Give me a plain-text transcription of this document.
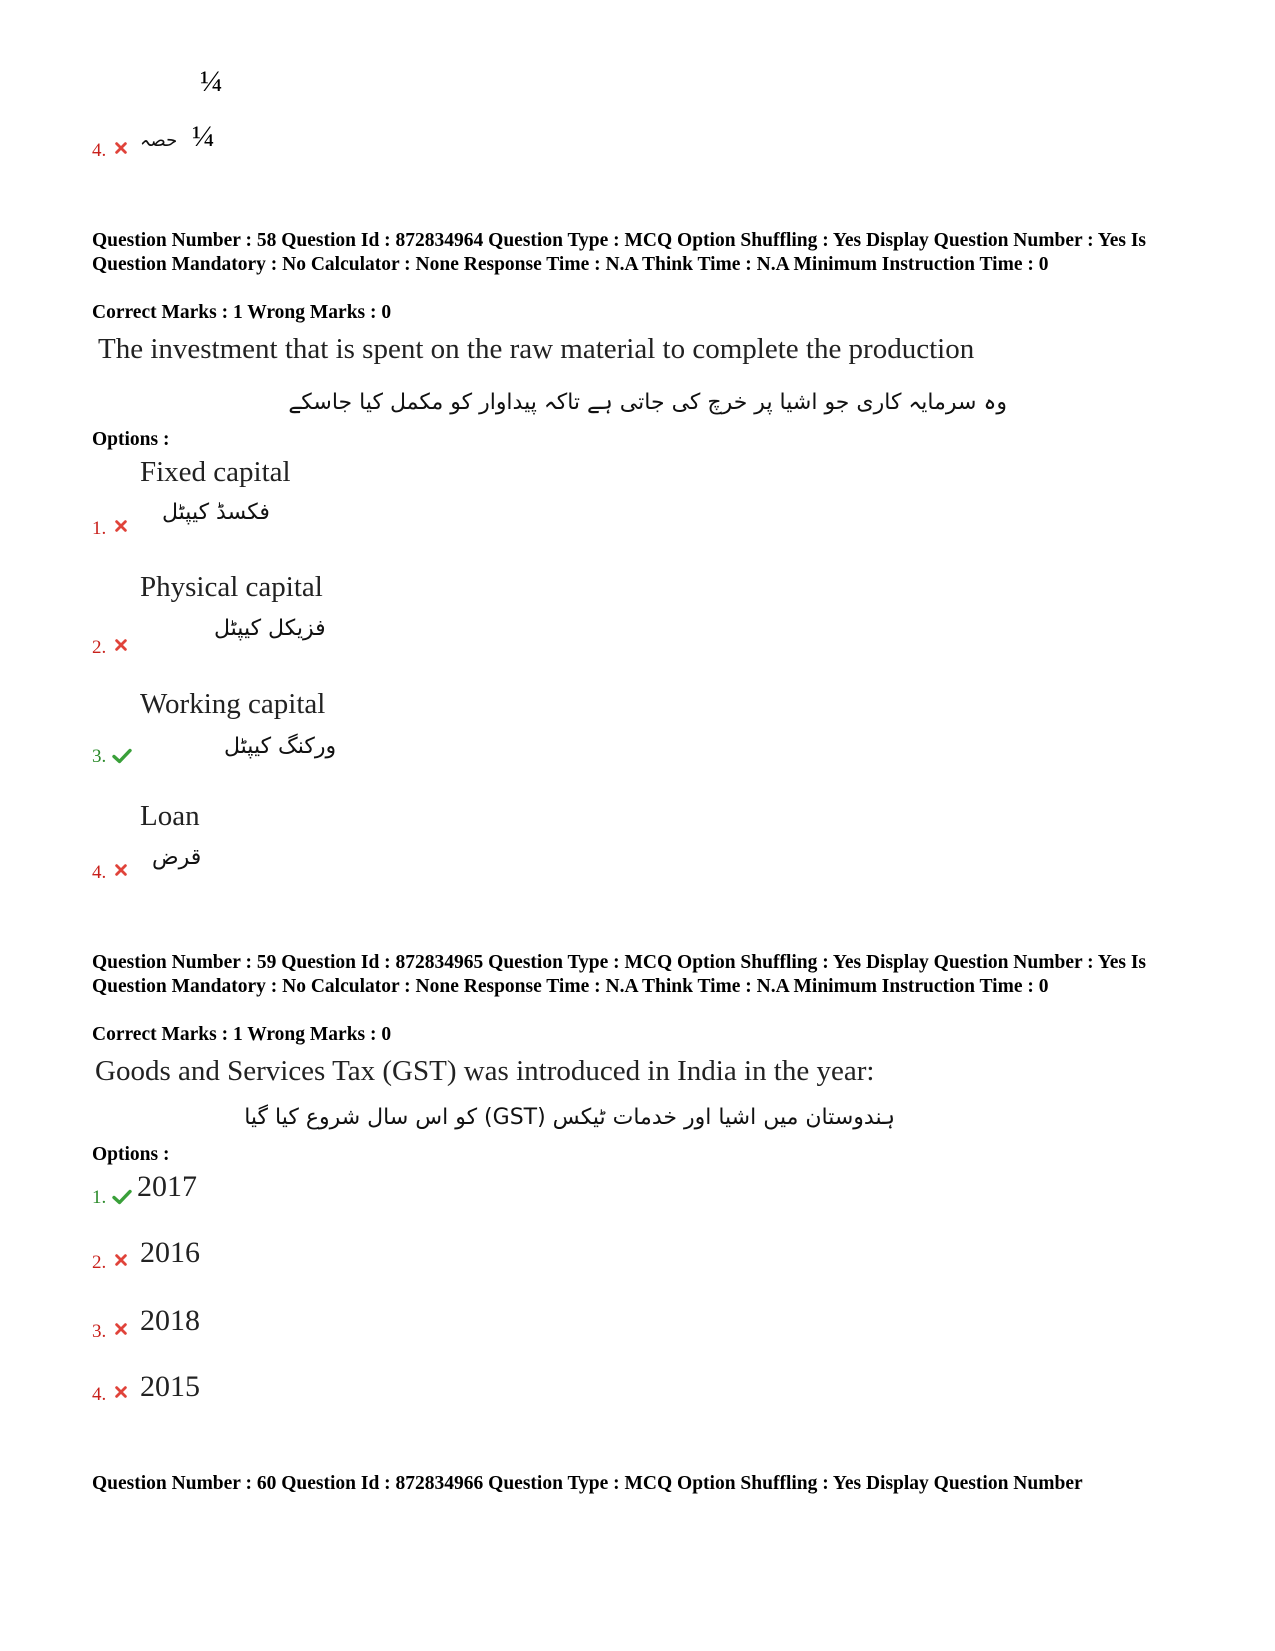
¼
4. حصہ ¼
Question Number : 58 Question Id : 872834964 Question Type : MCQ Option Shuffling : Yes Display Question Number : Yes Is Question Mandatory : No Calculator : None Response Time : N.A Think Time : N.A Minimum Instruction Time : 0
Correct Marks : 1 Wrong Marks : 0
The investment that is spent on the raw material to complete the production
وہ سرمایہ کاری جو اشیا پر خرچ کی جاتی ہے تاکہ پیداوار کو مکمل کیا جاسکے
Options :
Fixed capital
فکسڈ کیپٹل
1.
Physical capital
فزیکل کیپٹل
2.
Working capital
ورکنگ کیپٹل
3.
Loan
قرض
4.
Question Number : 59 Question Id : 872834965 Question Type : MCQ Option Shuffling : Yes Display Question Number : Yes Is Question Mandatory : No Calculator : None Response Time : N.A Think Time : N.A Minimum Instruction Time : 0
Correct Marks : 1 Wrong Marks : 0
Goods and Services Tax (GST) was introduced in India in the year:
ہندوستان میں اشیا اور خدمات ٹیکس (GST) کو اس سال شروع کیا گیا
Options :
1. 2017
2. 2016
3. 2018
4. 2015
Question Number : 60 Question Id : 872834966 Question Type : MCQ Option Shuffling : Yes Display Question Number
